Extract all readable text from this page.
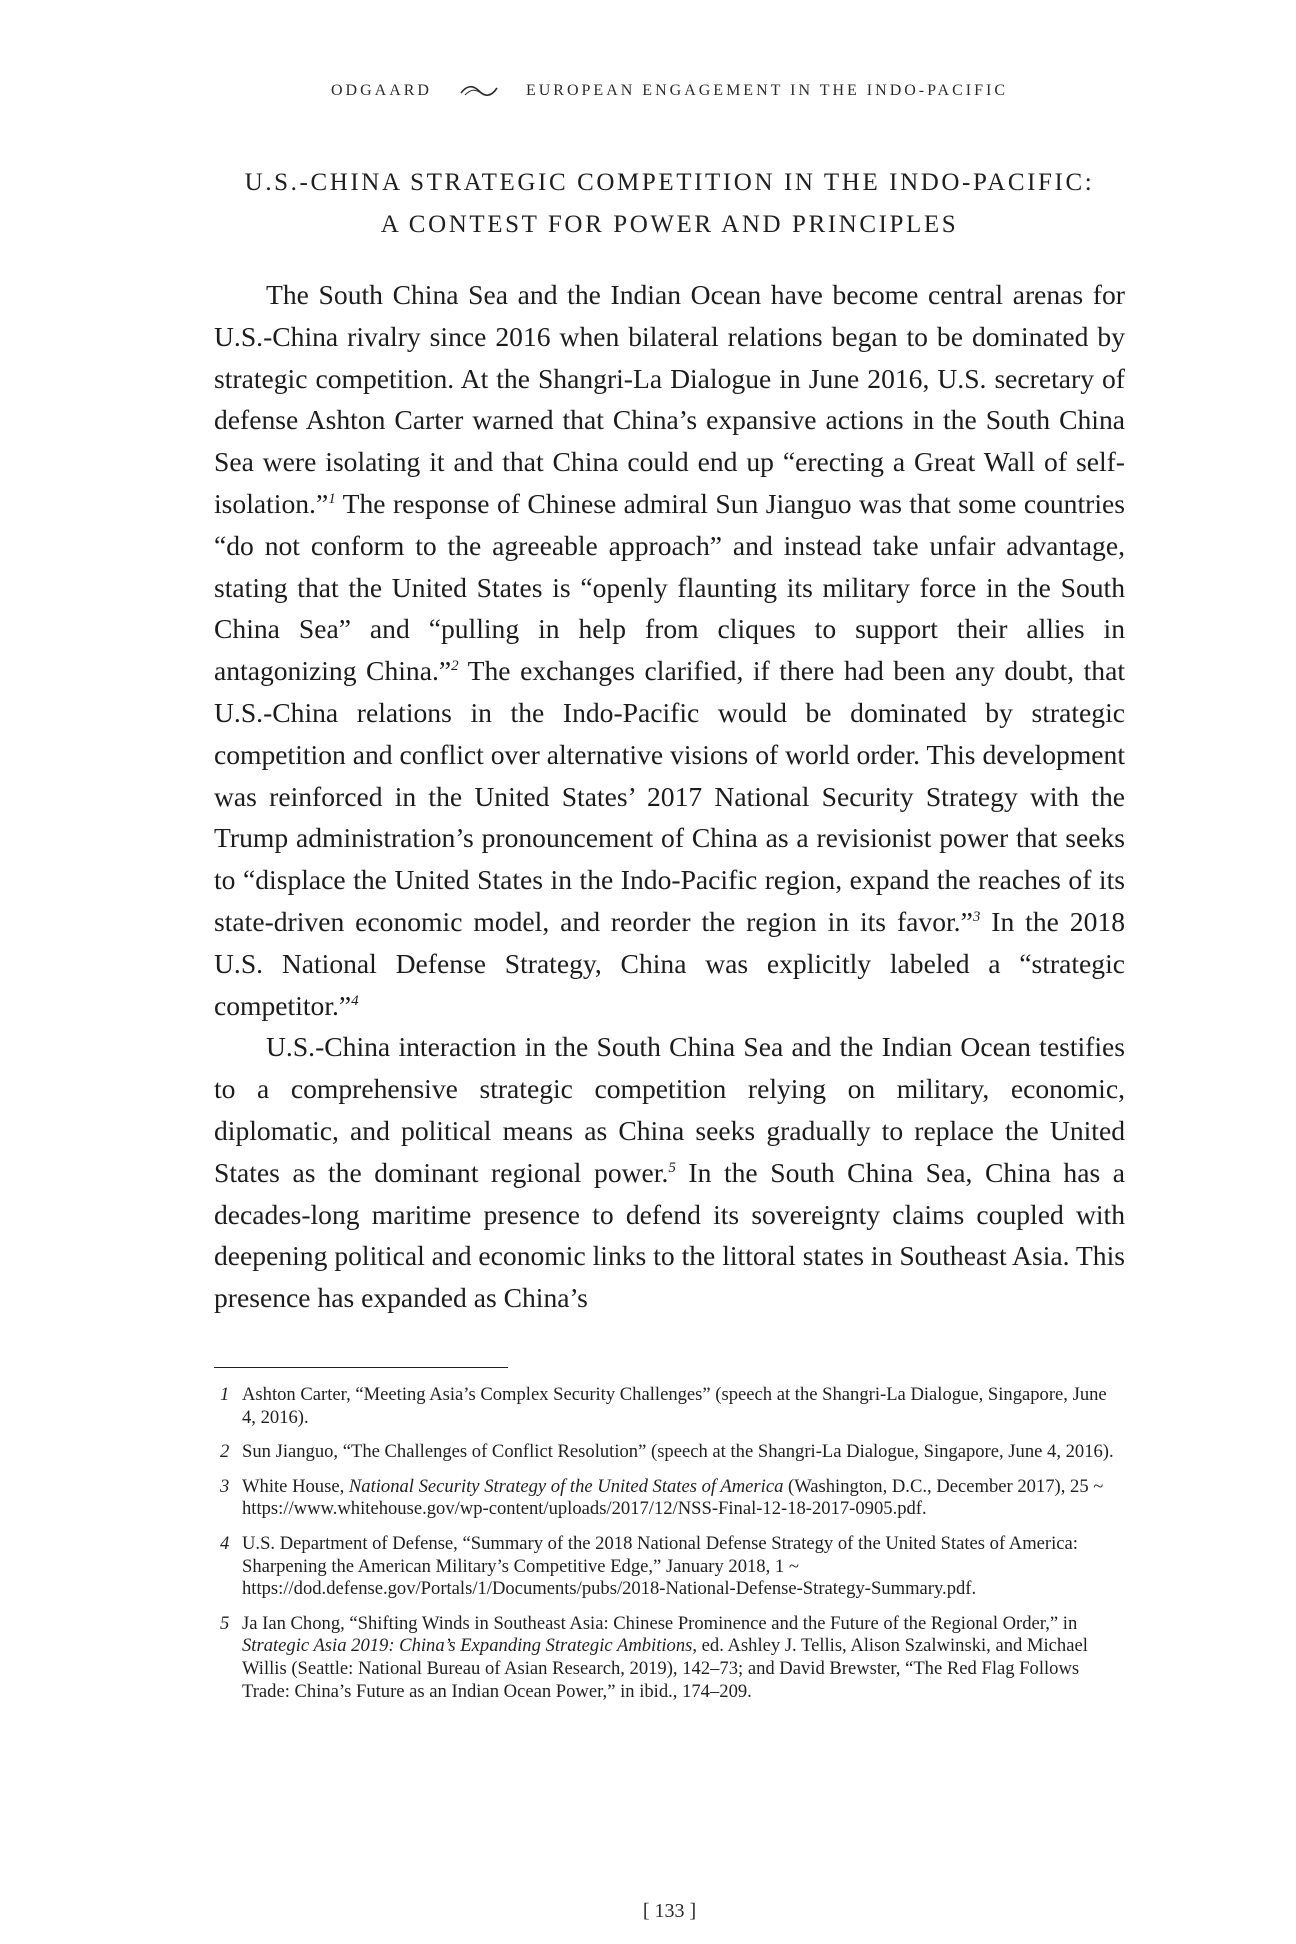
ODGAARD	EUROPEAN ENGAGEMENT IN THE INDO-PACIFIC
U.S.-CHINA STRATEGIC COMPETITION IN THE INDO-PACIFIC:
A CONTEST FOR POWER AND PRINCIPLES

The South China Sea and the Indian Ocean have become central arenas for U.S.-China rivalry since 2016 when bilateral relations began to be dominated by strategic competition. At the Shangri-La Dialogue in June 2016, U.S. secretary of defense Ashton Carter warned that China’s expansive actions in the South China Sea were isolating it and that China could end up “erecting a Great Wall of self-isolation.”$^1$ The response of Chinese admiral Sun Jianguo was that some countries “do not conform to the agreeable approach” and instead take unfair advantage, stating that the United States is “openly flaunting its military force in the South China Sea” and “pulling in help from cliques to support their allies in antagonizing China.”$^2$ The exchanges clarified, if there had been any doubt, that U.S.-China relations in the Indo-Pacific would be dominated by strategic competition and conflict over alternative visions of world order. This development was reinforced in the United States’ 2017 National Security Strategy with the Trump administration’s pronouncement of China as a revisionist power that seeks to “displace the United States in the Indo-Pacific region, expand the reaches of its state-driven economic model, and reorder the region in its favor.”$^3$ In the 2018 U.S. National Defense Strategy, China was explicitly labeled a “strategic competitor.”$^4$

U.S.-China interaction in the South China Sea and the Indian Ocean testifies to a comprehensive strategic competition relying on military, economic, diplomatic, and political means as China seeks gradually to replace the United States as the dominant regional power.$^5$ In the South China Sea, China has a decades-long maritime presence to defend its sovereignty claims coupled with deepening political and economic links to the littoral states in Southeast Asia. This presence has expanded as China’s

1 Ashton Carter, “Meeting Asia’s Complex Security Challenges” (speech at the Shangri-La Dialogue, Singapore, June 4, 2016).
2 Sun Jianguo, “The Challenges of Conflict Resolution” (speech at the Shangri-La Dialogue, Singapore, June 4, 2016).
3 White House, National Security Strategy of the United States of America (Washington, D.C., December 2017), 25 ~ https://www.whitehouse.gov/wp-content/uploads/2017/12/NSS-Final-12-18-2017-0905.pdf.
4 U.S. Department of Defense, “Summary of the 2018 National Defense Strategy of the United States of America: Sharpening the American Military’s Competitive Edge,” January 2018, 1 ~ https://dod.defense.gov/Portals/1/Documents/pubs/2018-National-Defense-Strategy-Summary.pdf.
5 Ja Ian Chong, “Shifting Winds in Southeast Asia: Chinese Prominence and the Future of the Regional Order,” in Strategic Asia 2019: China’s Expanding Strategic Ambitions, ed. Ashley J. Tellis, Alison Szalwinski, and Michael Willis (Seattle: National Bureau of Asian Research, 2019), 142–73; and David Brewster, “The Red Flag Follows Trade: China’s Future as an Indian Ocean Power,” in ibid., 174–209.
[ 133 ]
